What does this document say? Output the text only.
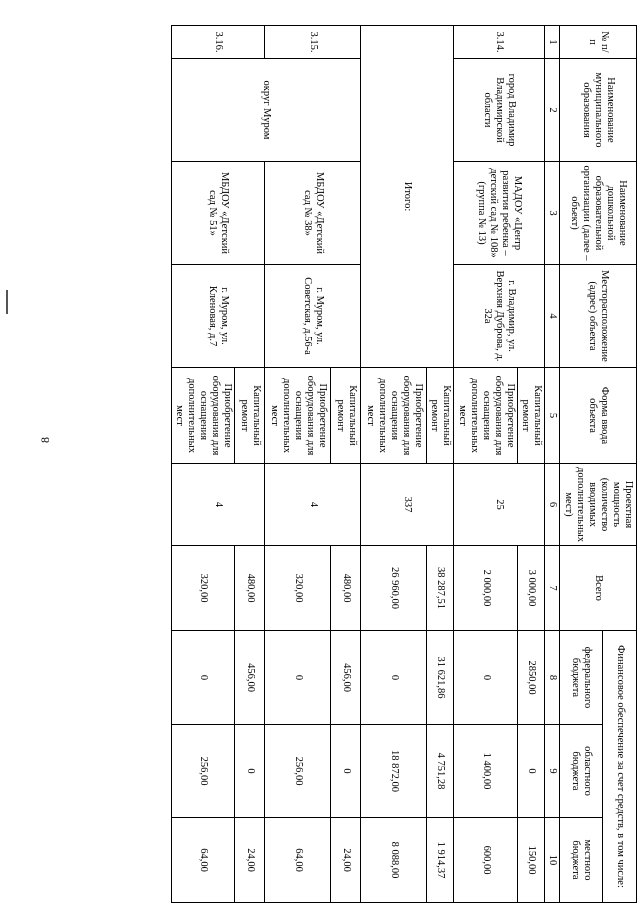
8
№ п/п	Наименование муниципального образования	Наименование дошкольной образовательной организации (далее – объект)	Месторасположение (адрес) объекта	Форма ввода объекта	Проектная мощность (количество вводимых дополнительных мест)	Всего	Финансовое обеспечение за счет средств, в том числе:		
							федерального бюджета	областного бюджета	местного бюджета
1	2	3	4	5	6	7	8	9	10
3.14.	город Владимир Владимирской области	МАДОУ «Центр развития ребенка – детский сад № 108» (группа № 13)	г. Владимир, ул. Верхняя Дуброва, д. 32а	Капитальный ремонт	25	3 000,00	2850,00	0	150,00
				Приобретение оборудования для оснащения дополнительных мест		2 000,00	0	1 400,00	600,00
Итого:				Капитальный ремонт	337	38 287,51	31 621,86	4 751,28	1 914,37
				Приобретение оборудования для оснащения дополнительных мест		26 960,00	0	18 872,00	8 088,00
3.15.	округ Муром	МБДОУ «Детский сад № 38»	г. Муром, ул. Советская, д.56-а	Капитальный ремонт	4	480,00	456,00	0	24,00
				Приобретение оборудования для оснащения дополнительных мест		320,00	0	256,00	64,00
3.16.		МБДОУ «Детский сад № 51»	г. Муром, ул. Кленовая, д.7	Капитальный ремонт	4	480,00	456,00	0	24,00
				Приобретение оборудования для оснащения дополнительных мест		320,00	0	256,00	64,00
